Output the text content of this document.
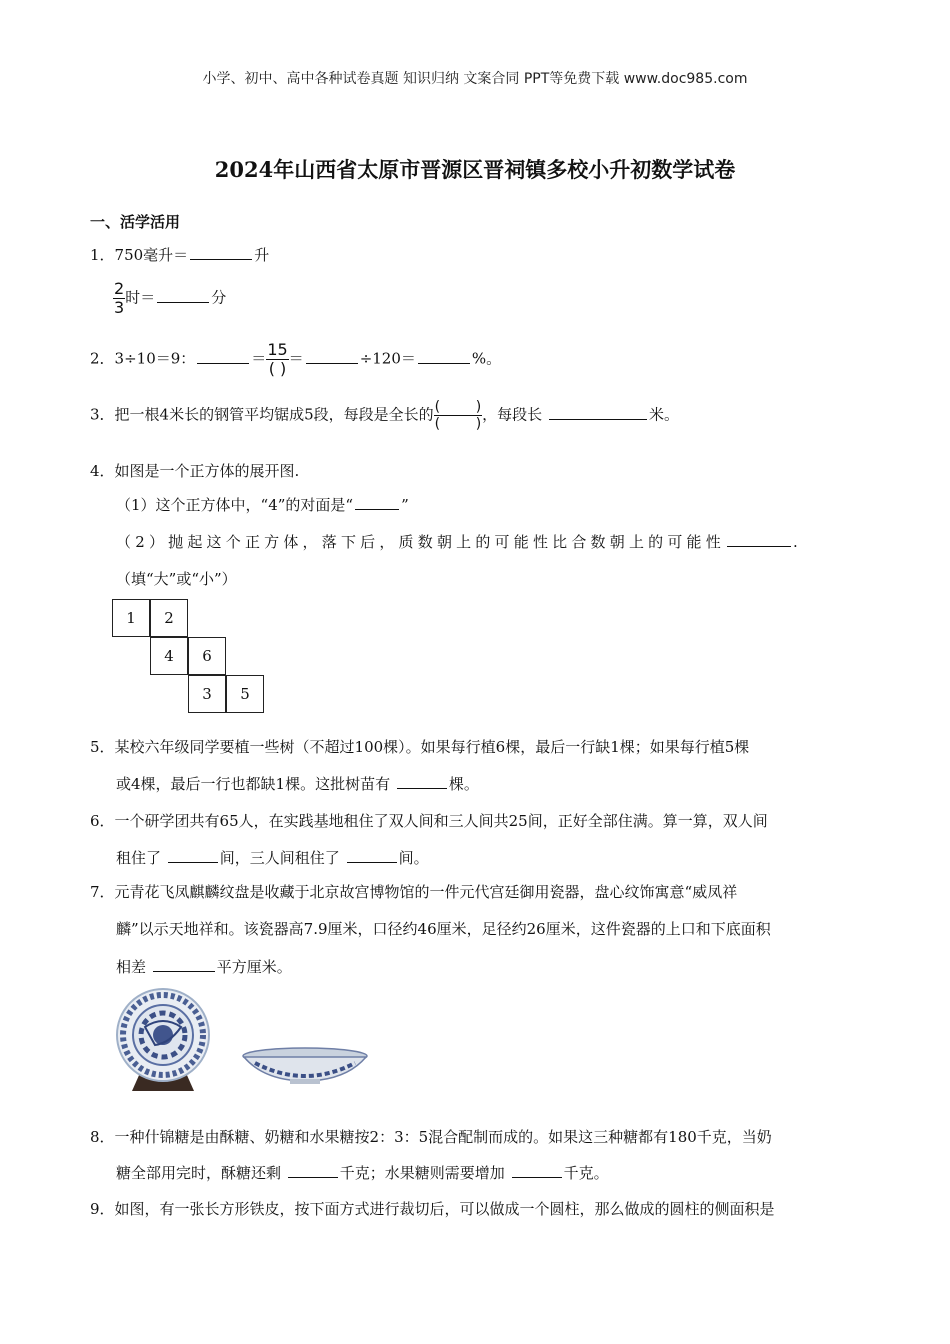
小学、初中、高中各种试卷真题 知识归纳 文案合同 PPT等免费下载 www.doc985.com
2024年山西省太原市晋源区晋祠镇多校小升初数学试卷
一、活学活用
1．750毫升＝	升
$\frac{2}{3}$ 时＝	分
2．3÷10＝9：	＝ $\frac{15}{( )}$ ＝	÷120＝	%。
3．把一根4米长的钢管平均锯成5段，每段是全长的 $\frac{( )}{( )}$ ，每段长	米。
4．如图是一个正方体的展开图.
（1）这个正方体中，“4”的对面是“	”
（2）抛起这个正方体，落下后，质数朝上的可能性比合数朝上的可能性	.
（填“大”或“小”）
1	2
4	6
3	5
5．某校六年级同学要植一些树（不超过100棵）。如果每行植6棵，最后一行缺1棵；如果每行植5棵
或4棵，最后一行也都缺1棵。这批树苗有	棵。
6．一个研学团共有65人，在实践基地租住了双人间和三人间共25间，正好全部住满。算一算，双人间
租住了	间，三人间租住了	间。
7．元青花飞凤麒麟纹盘是收藏于北京故宫博物馆的一件元代宫廷御用瓷器，盘心纹饰寓意“威凤祥
麟”以示天地祥和。该瓷器高7.9厘米，口径约46厘米，足径约26厘米，这件瓷器的上口和下底面积
相差	平方厘米。
8．一种什锦糖是由酥糖、奶糖和水果糖按2：3：5混合配制而成的。如果这三种糖都有180千克，当奶
糖全部用完时，酥糖还剩	千克；水果糖则需要增加	千克。
9．如图，有一张长方形铁皮，按下面方式进行裁切后，可以做成一个圆柱，那么做成的圆柱的侧面积是
